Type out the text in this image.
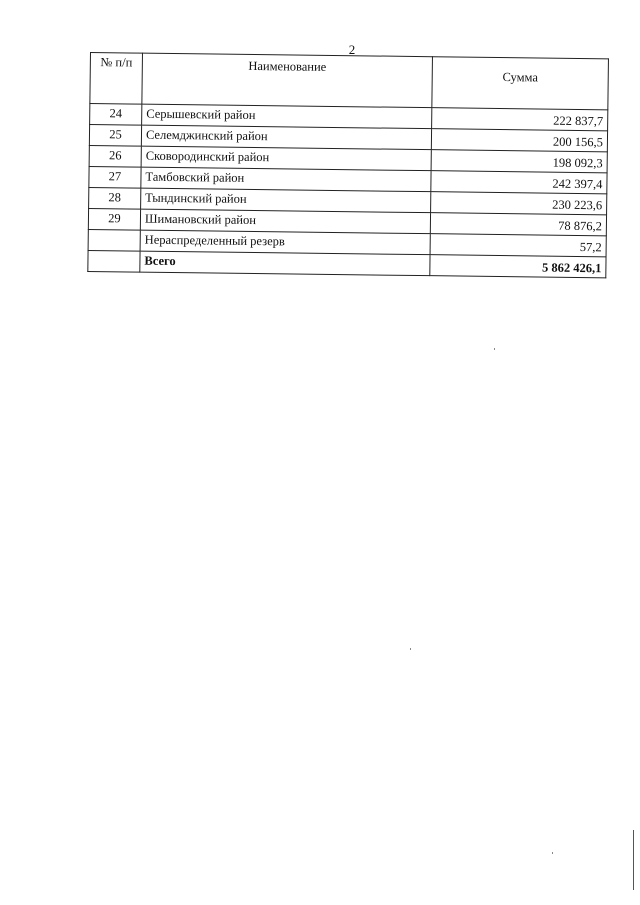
2
№ п/п	Наименование	Сумма
24	Серышевский район	222 837,7
25	Селемджинский район	200 156,5
26	Сковородинский район	198 092,3
27	Тамбовский район	242 397,4
28	Тындинский район	230 223,6
29	Шимановский район	78 876,2
	Нераспределенный резерв	57,2
	Всего	5 862 426,1
